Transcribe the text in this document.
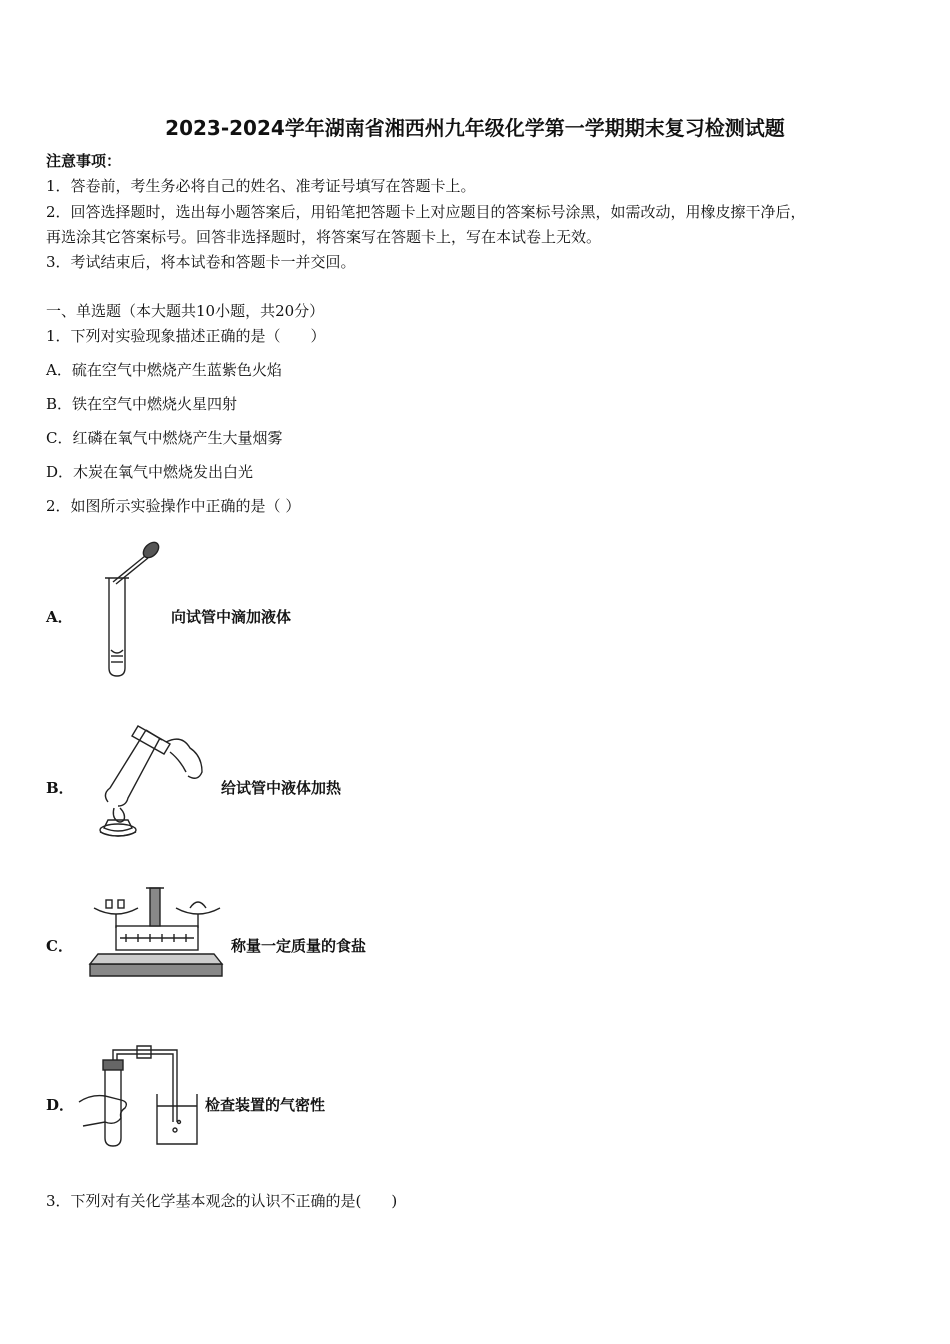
2023-2024学年湖南省湘西州九年级化学第一学期期末复习检测试题
注意事项：
1．答卷前，考生务必将自己的姓名、准考证号填写在答题卡上。
2．回答选择题时，选出每小题答案后，用铅笔把答题卡上对应题目的答案标号涂黑，如需改动，用橡皮擦干净后，
再选涂其它答案标号。回答非选择题时，将答案写在答题卡上，写在本试卷上无效。
3．考试结束后，将本试卷和答题卡一并交回。
一、单选题（本大题共10小题，共20分）
1．下列对实验现象描述正确的是（　　）
A．硫在空气中燃烧产生蓝紫色火焰
B．铁在空气中燃烧火星四射
C．红磷在氧气中燃烧产生大量烟雾
D．木炭在氧气中燃烧发出白光
2．如图所示实验操作中正确的是（ ）
A．	向试管中滴加液体
B．	给试管中液体加热
C．	称量一定质量的食盐
D．	检查装置的气密性
3．下列对有关化学基本观念的认识不正确的是(　　)
